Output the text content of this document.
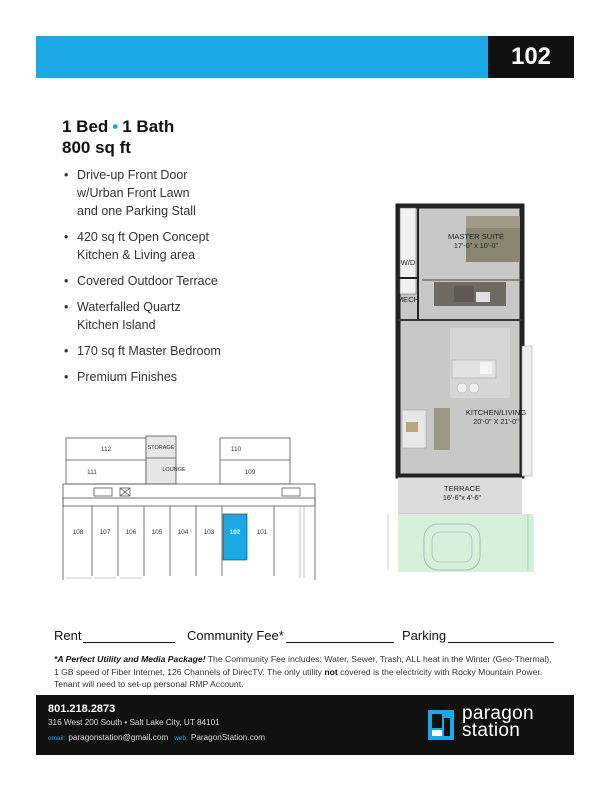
102
1 Bed • 1 Bath
800 sq ft
• Drive-up Front Door
w/Urban Front Lawn
and one Parking Stall
• 420 sq ft Open Concept
Kitchen & Living area
• Covered Outdoor Terrace
• Waterfalled Quartz
Kitchen Island
• 170 sq ft Master Bedroom
• Premium Finishes
112	110
111	109
STORAGE
LOUNGE
108 107 106 105 104 103 102 101
MASTER SUITE
17'-0" x 10'-0"
W/D
MECH
KITCHEN/LIVING
20'-0" X 21'-0"
TERRACE
16'-6"x 4'-6"
Rent	Community Fee*	Parking
*A Perfect Utility and Media Package! The Community Fee includes: Water, Sewer, Trash, ALL heat in the Winter (Geo-Thermal), 1 GB speed of Fiber Internet, 126 Channels of DirecTV. The only utility not covered is the electricity with Rocky Mountain Power. Tenant will need to set-up personal RMP Account.
801.218.2873
316 West 200 South • Salt Lake City, UT 84101
email: paragonstation@gmail.com web: ParagonStation.com
paragon
station
